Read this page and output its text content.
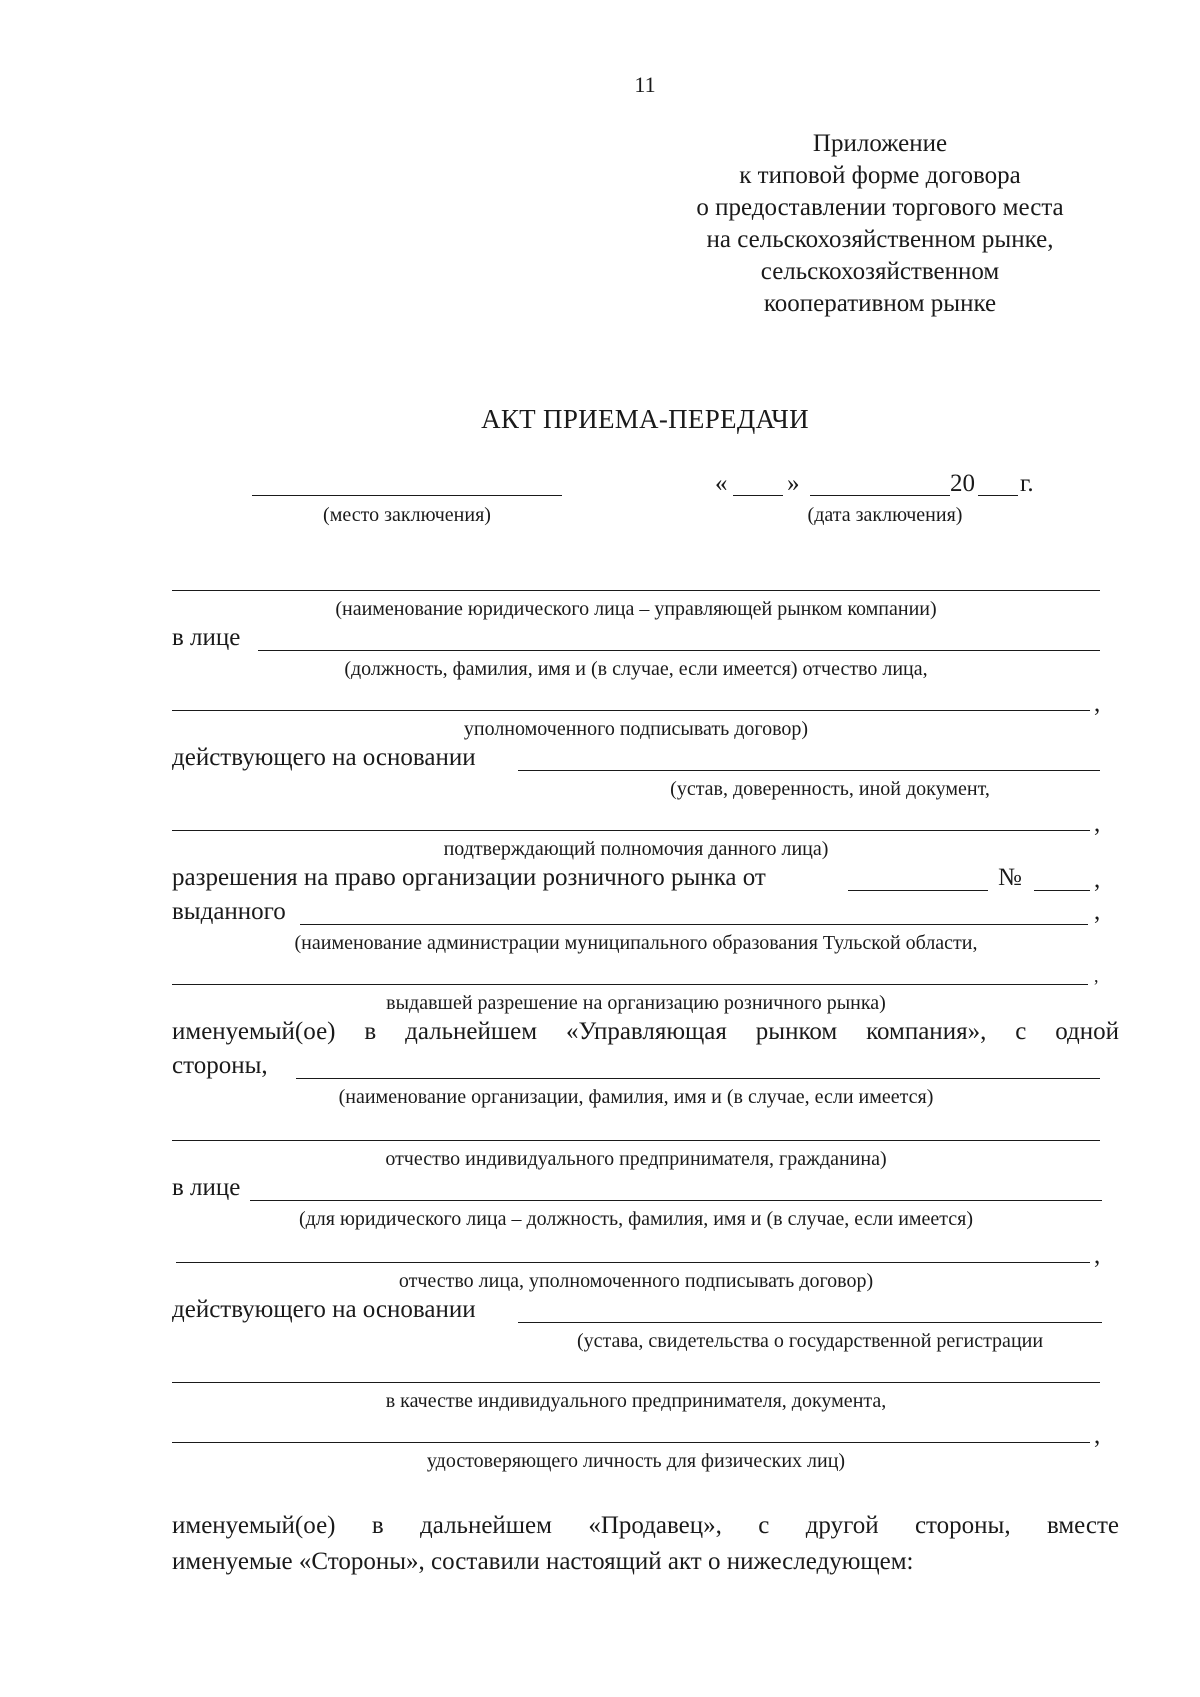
11
Приложение
к типовой форме договора
о предоставлении торгового места
на сельскохозяйственном рынке,
сельскохозяйственном
кооперативном рынке
АКТ ПРИЕМА-ПЕРЕДАЧИ
(место заключения)
« »	20 г.
(дата заключения)
(наименование юридического лица – управляющей рынком компании)
в лице
(должность, фамилия, имя и (в случае, если имеется) отчество лица,
,
уполномоченного подписывать договор)
действующего на основании
(устав, доверенность, иной документ,
,
подтверждающий полномочия данного лица)
разрешения на право организации розничного рынка от	№	,
выданного	,
(наименование администрации муниципального образования Тульской области,
,
выдавшей разрешение на организацию розничного рынка)
именуемый(ое) в дальнейшем «Управляющая рынком компания», с одной
стороны,
(наименование организации, фамилия, имя и (в случае, если имеется)
отчество индивидуального предпринимателя, гражданина)
в лице
(для юридического лица – должность, фамилия, имя и (в случае, если имеется)
,
отчество лица, уполномоченного подписывать договор)
действующего на основании
(устава, свидетельства о государственной регистрации
в качестве индивидуального предпринимателя, документа,
,
удостоверяющего личность для физических лиц)
именуемый(ое) в дальнейшем «Продавец», с другой стороны, вместе
именуемые «Стороны», составили настоящий акт о нижеследующем:
